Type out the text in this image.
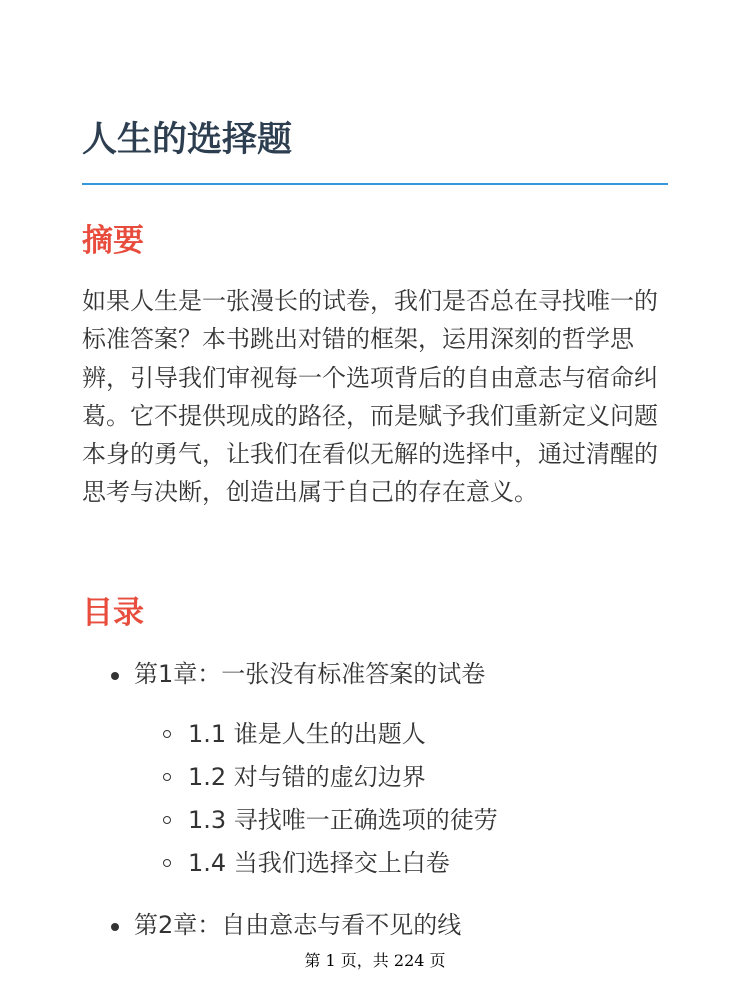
人生的选择题
摘要

如果人生是一张漫长的试卷，我们是否总在寻找唯一的标准答案？本书跳出对错的框架，运用深刻的哲学思辨，引导我们审视每一个选项背后的自由意志与宿命纠葛。它不提供现成的路径，而是赋予我们重新定义问题本身的勇气，让我们在看似无解的选择中，通过清醒的思考与决断，创造出属于自己的存在意义。

目录
第1章：一张没有标准答案的试卷
1.1 谁是人生的出题人
1.2 对与错的虚幻边界
1.3 寻找唯一正确选项的徒劳
1.4 当我们选择交上白卷
第2章：自由意志与看不见的线
第 1 页，共 224 页
